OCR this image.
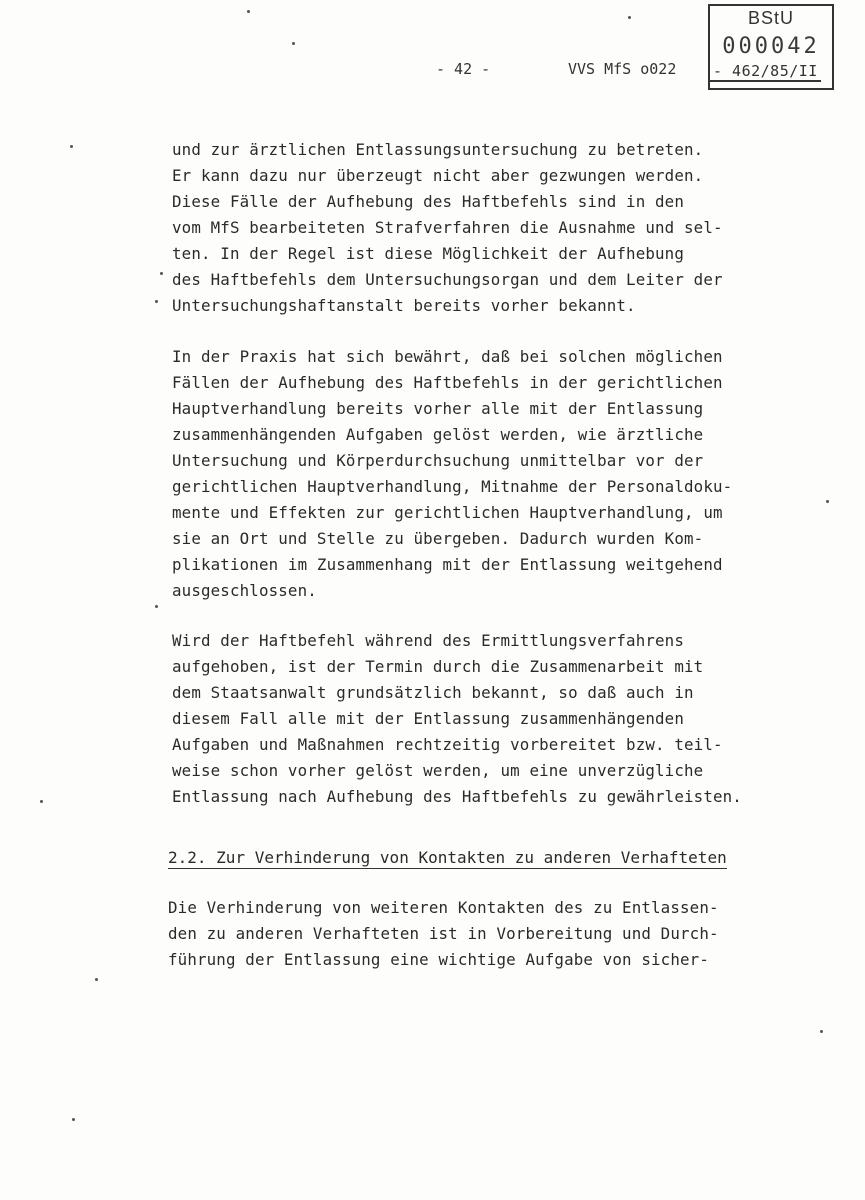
BStU
000042
- 42 -	VVS MfS o022 - 462/85/II
und zur ärztlichen Entlassungsuntersuchung zu betreten.
Er kann dazu nur überzeugt nicht aber gezwungen werden.
Diese Fälle der Aufhebung des Haftbefehls sind in den
vom MfS bearbeiteten Strafverfahren die Ausnahme und sel-
ten. In der Regel ist diese Möglichkeit der Aufhebung
des Haftbefehls dem Untersuchungsorgan und dem Leiter der
Untersuchungshaftanstalt bereits vorher bekannt.
In der Praxis hat sich bewährt, daß bei solchen möglichen
Fällen der Aufhebung des Haftbefehls in der gerichtlichen
Hauptverhandlung bereits vorher alle mit der Entlassung
zusammenhängenden Aufgaben gelöst werden, wie ärztliche
Untersuchung und Körperdurchsuchung unmittelbar vor der
gerichtlichen Hauptverhandlung, Mitnahme der Personaldoku-
mente und Effekten zur gerichtlichen Hauptverhandlung, um
sie an Ort und Stelle zu übergeben. Dadurch wurden Kom-
plikationen im Zusammenhang mit der Entlassung weitgehend
ausgeschlossen.
Wird der Haftbefehl während des Ermittlungsverfahrens
aufgehoben, ist der Termin durch die Zusammenarbeit mit
dem Staatsanwalt grundsätzlich bekannt, so daß auch in
diesem Fall alle mit der Entlassung zusammenhängenden
Aufgaben und Maßnahmen rechtzeitig vorbereitet bzw. teil-
weise schon vorher gelöst werden, um eine unverzügliche
Entlassung nach Aufhebung des Haftbefehls zu gewährleisten.
2.2. Zur Verhinderung von Kontakten zu anderen Verhafteten
Die Verhinderung von weiteren Kontakten des zu Entlassen-
den zu anderen Verhafteten ist in Vorbereitung und Durch-
führung der Entlassung eine wichtige Aufgabe von sicher-
